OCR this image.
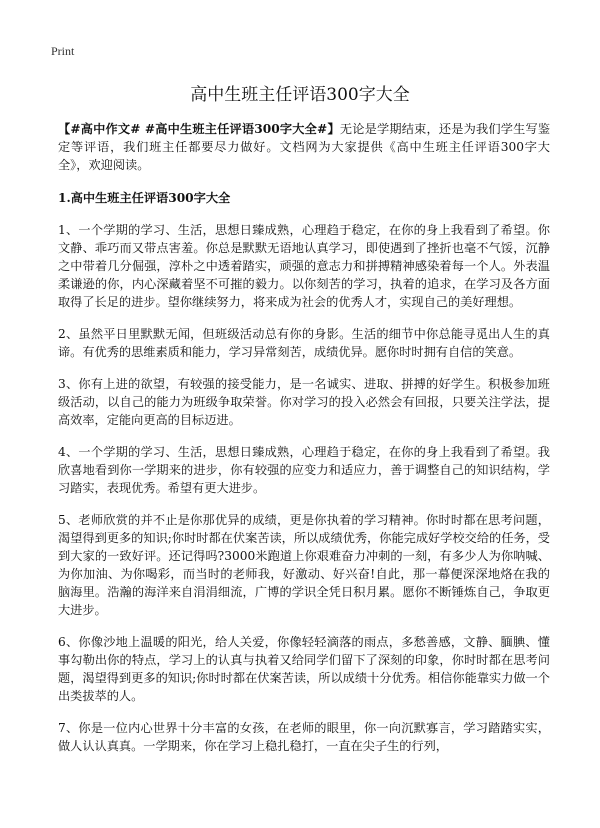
Print
高中生班主任评语300字大全

【#高中作文# #高中生班主任评语300字大全#】无论是学期结束，还是为我们学生写鉴定等评语，我们班主任都要尽力做好。文档网为大家提供《高中生班主任评语300字大全》，欢迎阅读。

1.高中生班主任评语300字大全

1、一个学期的学习、生活，思想日臻成熟，心理趋于稳定，在你的身上我看到了希望。你文静、乖巧而又带点害羞。你总是默默无语地认真学习，即使遇到了挫折也毫不气馁，沉静之中带着几分倔强，淳朴之中透着踏实，顽强的意志力和拼搏精神感染着每一个人。外表温柔谦逊的你，内心深藏着坚不可摧的毅力。以你刻苦的学习，执着的追求，在学习及各方面取得了长足的进步。望你继续努力，将来成为社会的优秀人才，实现自己的美好理想。

2、虽然平日里默默无闻，但班级活动总有你的身影。生活的细节中你总能寻觅出人生的真谛。有优秀的思维素质和能力，学习异常刻苦，成绩优异。愿你时时拥有自信的笑意。

3、你有上进的欲望，有较强的接受能力，是一名诚实、进取、拼搏的好学生。积极参加班级活动，以自己的能力为班级争取荣誉。你对学习的投入必然会有回报，只要关注学法，提高效率，定能向更高的目标迈进。

4、一个学期的学习、生活，思想日臻成熟，心理趋于稳定，在你的身上我看到了希望。我欣喜地看到你一学期来的进步，你有较强的应变力和适应力，善于调整自己的知识结构，学习踏实，表现优秀。希望有更大进步。

5、老师欣赏的并不止是你那优异的成绩，更是你执着的学习精神。你时时都在思考问题，渴望得到更多的知识;你时时都在伏案苦读，所以成绩优秀，你能完成好学校交给的任务，受到大家的一致好评。还记得吗?3000米跑道上你艰难奋力冲刺的一刻，有多少人为你呐喊、为你加油、为你喝彩，而当时的老师我，好激动、好兴奋!自此，那一幕便深深地烙在我的脑海里。浩瀚的海洋来自涓涓细流，广博的学识全凭日积月累。愿你不断锤炼自己，争取更大进步。

6、你像沙地上温暖的阳光，给人关爱，你像轻轻滴落的雨点，多愁善感，文静、腼腆、懂事勾勒出你的特点，学习上的认真与执着又给同学们留下了深刻的印象，你时时都在思考问题，渴望得到更多的知识;你时时都在伏案苦读，所以成绩十分优秀。相信你能靠实力做一个出类拔萃的人。

7、你是一位内心世界十分丰富的女孩，在老师的眼里，你一向沉默寡言，学习踏踏实实，做人认认真真。一学期来，你在学习上稳扎稳打，一直在尖子生的行列，
